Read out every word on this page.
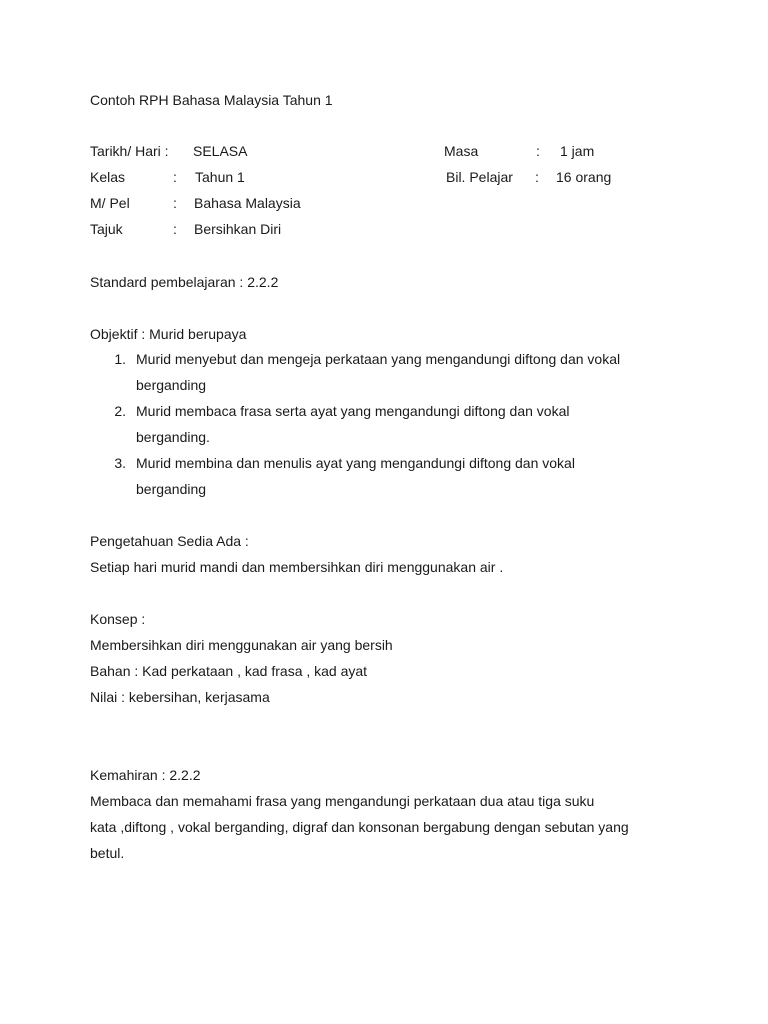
Contoh RPH Bahasa Malaysia Tahun 1
Tarikh/ Hari : SELASA	Masa	: 1 jam
Kelas	: Tahun 1	Bil. Pelajar : 16 orang
M/ Pel	: Bahasa Malaysia
Tajuk	: Bersihkan Diri
Standard pembelajaran : 2.2.2
Objektif : Murid berupaya
1. Murid menyebut dan mengeja perkataan yang mengandungi diftong dan vokal
berganding
2. Murid membaca frasa serta ayat yang mengandungi diftong dan vokal
berganding.
3. Murid membina dan menulis ayat yang mengandungi diftong dan vokal
berganding
Pengetahuan Sedia Ada :
Setiap hari murid mandi dan membersihkan diri menggunakan air .
Konsep :
Membersihkan diri menggunakan air yang bersih
Bahan : Kad perkataan , kad frasa , kad ayat
Nilai : kebersihan, kerjasama
Kemahiran : 2.2.2
Membaca dan memahami frasa yang mengandungi perkataan dua atau tiga suku
kata ,diftong , vokal berganding, digraf dan konsonan bergabung dengan sebutan yang
betul.
